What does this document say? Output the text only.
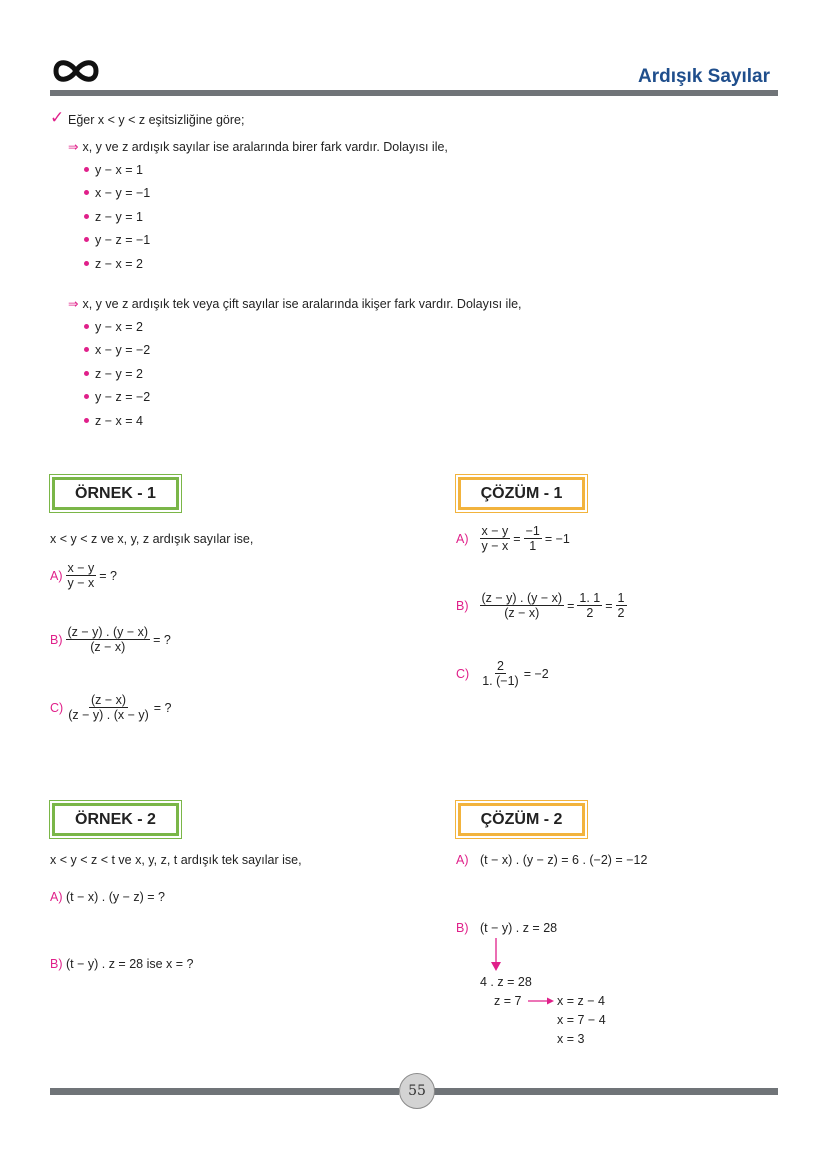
Ardışık Sayılar
✓ Eğer x < y < z eşitsizliğine göre;
⇒ x, y ve z ardışık sayılar ise aralarında birer fark vardır. Dolayısı ile,
y − x = 1
x − y = −1
z − y = 1
y − z = −1
z − x = 2
⇒ x, y ve z ardışık tek veya çift sayılar ise aralarında ikişer fark vardır. Dolayısı ile,
y − x = 2
x − y = −2
z − y = 2
y − z = −2
z − x = 4
ÖRNEK - 1
x < y < z ve x, y, z ardışık sayılar ise,
$A) \frac{x - y}{y - x}$ = ?
$B) \frac{(z - y) . (y - x)}{(z - x)}$ = ?
$C) \frac{(z - x)}{(z - y) . (x - y)}$ = ?
ÇÖZÜM - 1
$A) \frac{x - y}{y - x} = \frac{-1}{1} = -1$
$B) \frac{(z - y) . (y - x)}{(z - x)} = \frac{1. 1}{2} = \frac{1}{2}$
$C) \frac{2}{1. (-1)} = -2$
ÖRNEK - 2
x < y < z < t ve x, y, z, t ardışık tek sayılar ise,
A) (t − x) . (y − z) = ?
B) (t − y) . z = 28 ise x = ?
ÇÖZÜM - 2
A) (t − x) . (y − z) = 6 . (−2) = −12
B) (t − y) . z = 28
4 . z = 28
z = 7	x = z − 4
x = 7 − 4
x = 3
55
